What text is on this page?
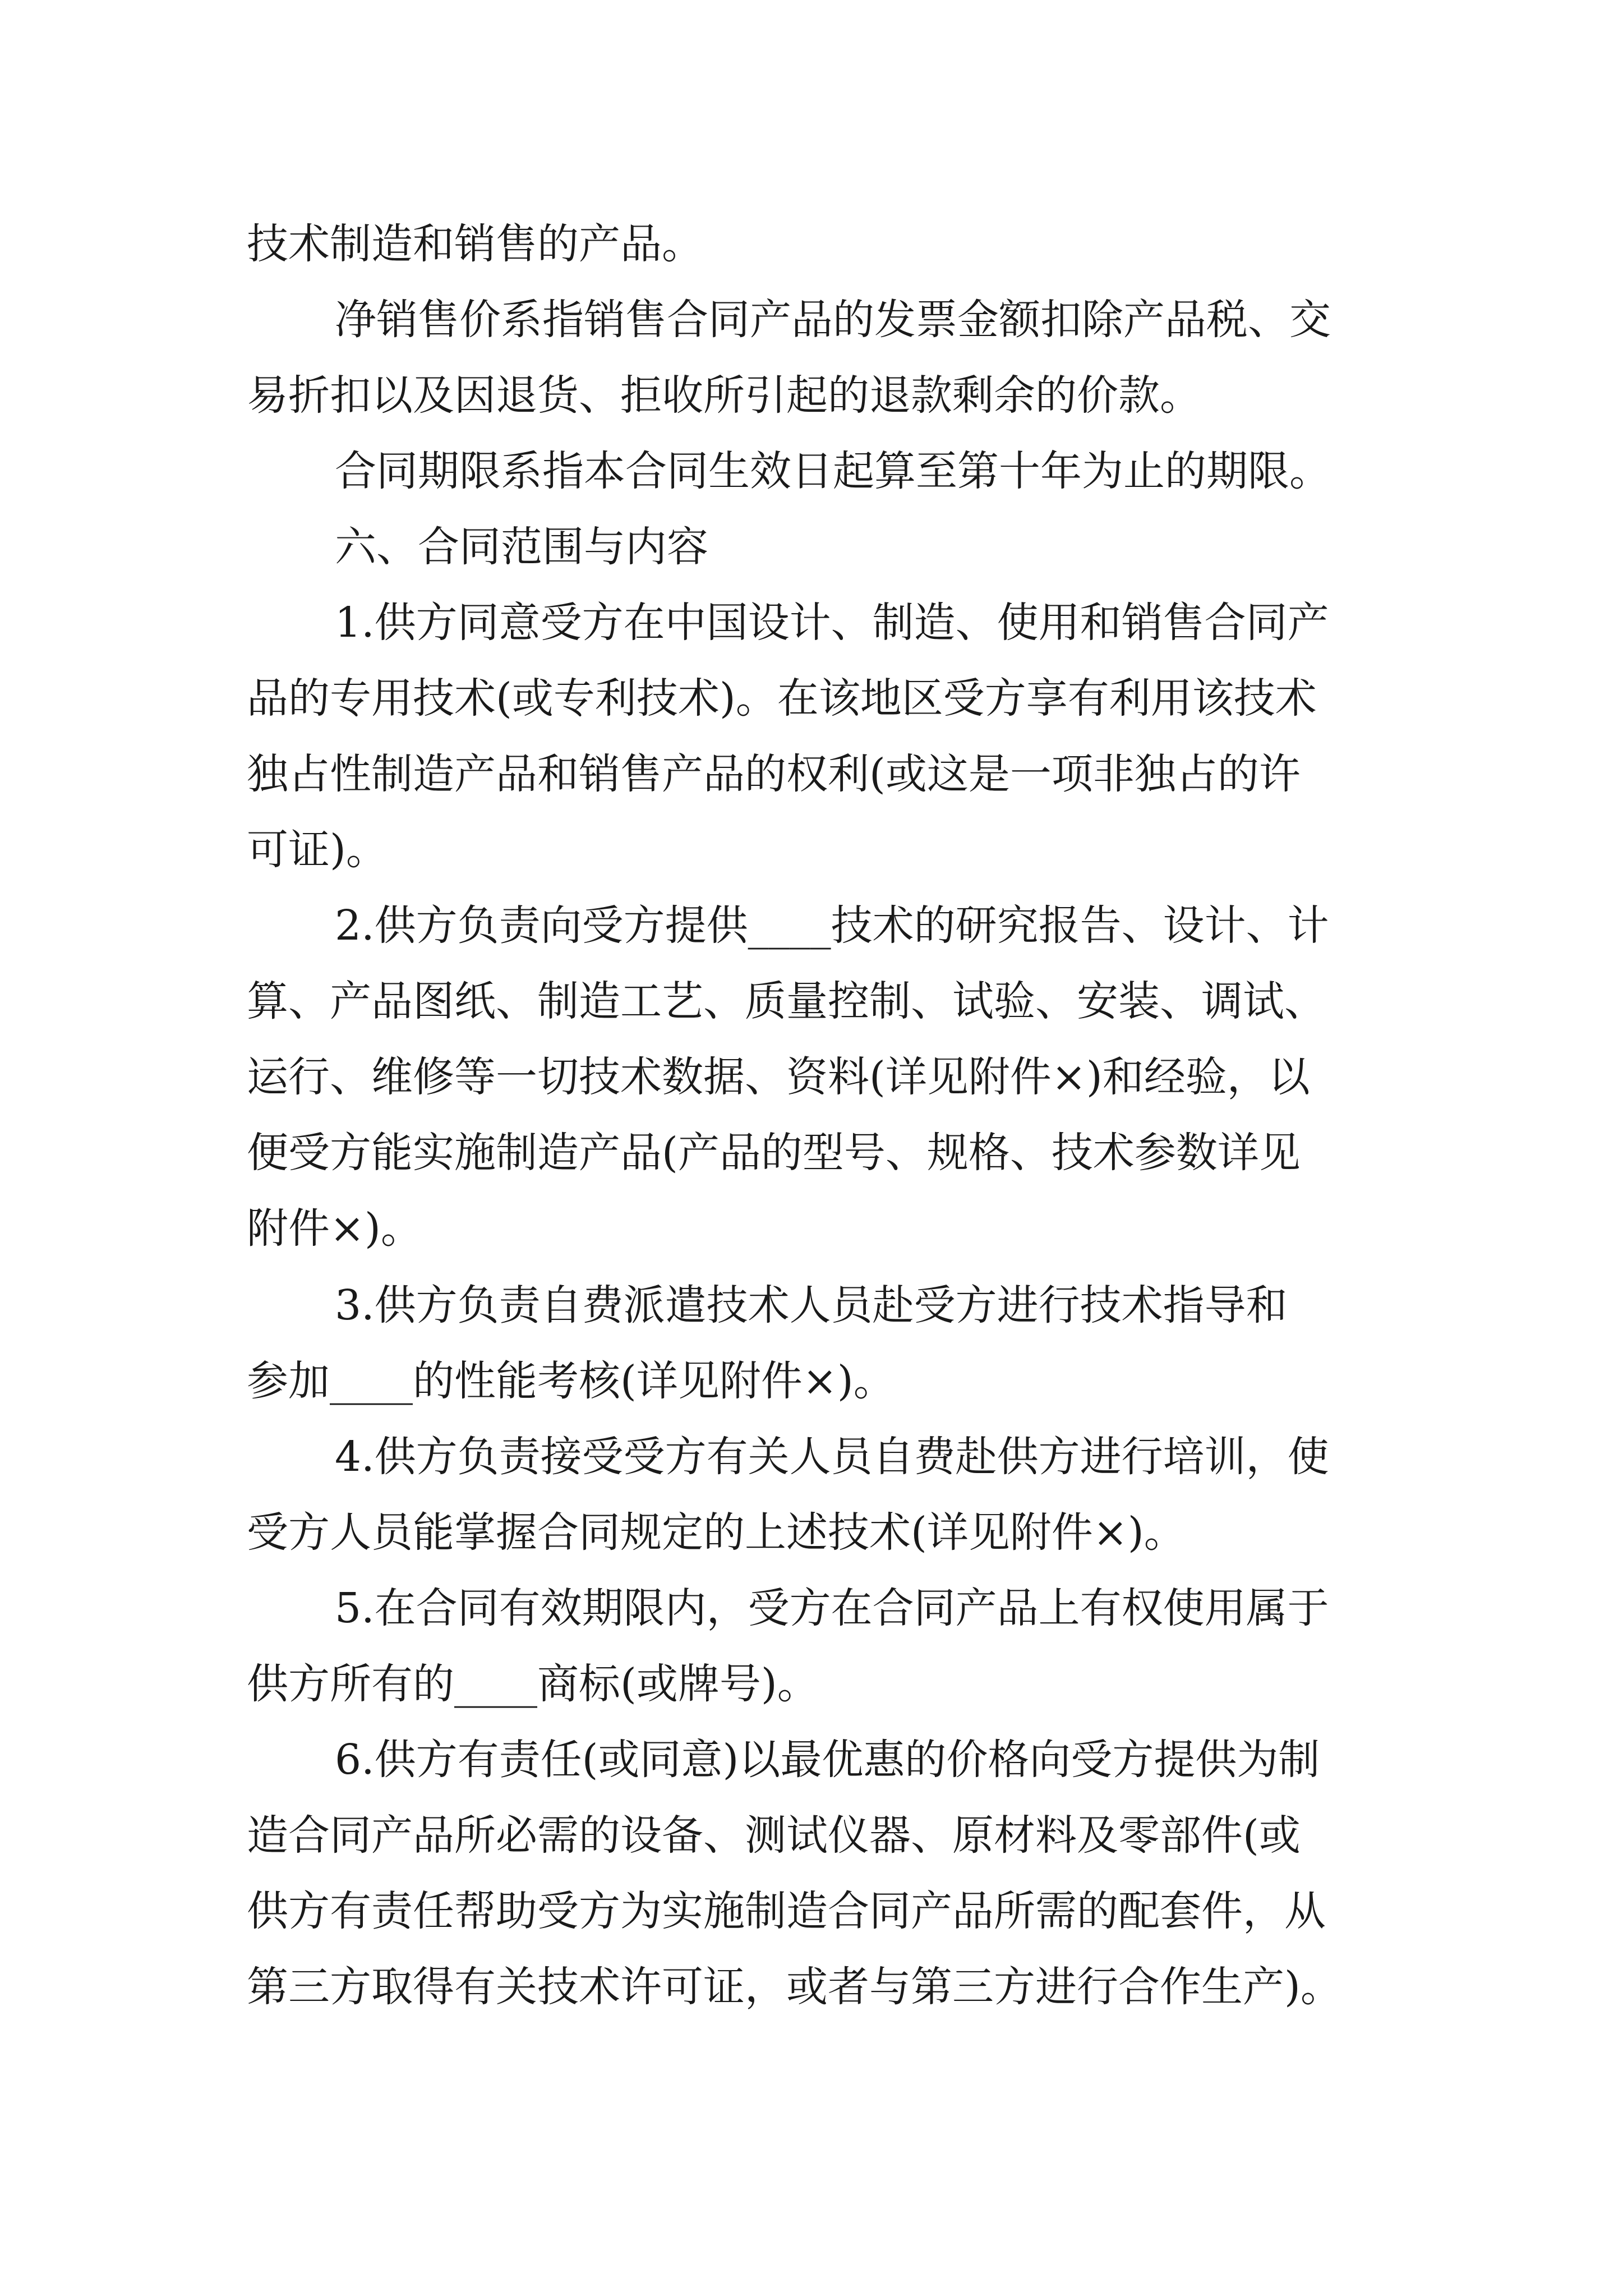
技术制造和销售的产品。

净销售价系指销售合同产品的发票金额扣除产品税、交

易折扣以及因退货、拒收所引起的退款剩余的价款。

合同期限系指本合同生效日起算至第十年为止的期限。

六、合同范围与内容

1.供方同意受方在中国设计、制造、使用和销售合同产

品的专用技术(或专利技术)。在该地区受方享有利用该技术

独占性制造产品和销售产品的权利(或这是一项非独占的许

可证)。

2.供方负责向受方提供____技术的研究报告、设计、计

算、产品图纸、制造工艺、质量控制、试验、安装、调试、

运行、维修等一切技术数据、资料(详见附件×)和经验，以

便受方能实施制造产品(产品的型号、规格、技术参数详见

附件×)。

3.供方负责自费派遣技术人员赴受方进行技术指导和

参加____的性能考核(详见附件×)。

4.供方负责接受受方有关人员自费赴供方进行培训，使

受方人员能掌握合同规定的上述技术(详见附件×)。

5.在合同有效期限内，受方在合同产品上有权使用属于

供方所有的____商标(或牌号)。

6.供方有责任(或同意)以最优惠的价格向受方提供为制

造合同产品所必需的设备、测试仪器、原材料及零部件(或

供方有责任帮助受方为实施制造合同产品所需的配套件，从

第三方取得有关技术许可证，或者与第三方进行合作生产)。
